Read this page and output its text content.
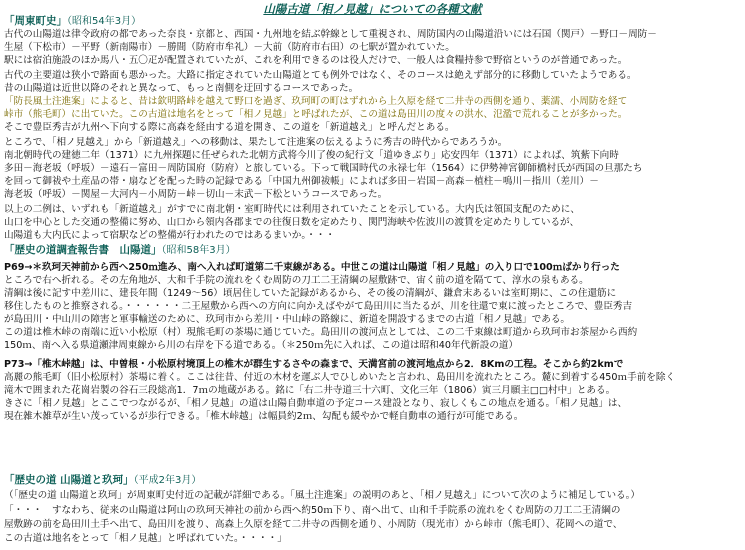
山陽古道「相ノ見越」についての各種文献
「周東町史」（昭和54年3月）
古代の山陽道は律令政府の都であった奈良・京都と、西国・九州地を結ぶ幹線として重視され、周防国内の山陽道沿いには石国（関戸）－野口－周防－
生屋（下松市）－平野（新南陽市）－勝間（防府市牟礼）－大前（防府市右田）の七駅が置かれていた。
駅には宿泊施設のほか馬八・五〇疋が配置されていたが、これを利用できるのは役人だけで、一般人は食糧持参で野宿というのが普通であった。
古代の主要道は狭小で路面も悪かった。大路に指定されていた山陽道とても例外ではなく、そのコースは絶えず部分的に移動していたようである。
昔の山陽道は近世以降のそれと異なって、もっと南側を迂回するコースであった。
「防長風土注進案」によると、昔は欽明路峠を越えて野口を過ぎ、玖珂町の町はずれから上久原を経て二井寺の西側を通り、薬濡、小周防を経て
峠市（熊毛町）に出ていた。この古道は地名をとって「相ノ見越」と呼ばれたが、この道は島田川の度々の洪水、氾濫で荒れることが多かった。
そこで豊臣秀吉が九州へ下向する際に高森を経由する道を開き、この道を「新道越え」と呼んだとある。
ところで、「相ノ見越え」から「新道越え」への移動は、果たして注進案の伝えるように秀吉の時代からであろうか。
南北朝時代の建徳二年（1371）に九州探題に任ぜられた北朝方武将今川了俊の紀行文「道ゆきぶり」応安四年（1371）によれば、筑紫下向時
多田－海老坂（呼坂）－遠石－富田－周防国府（防府）と旅している。下って戦国時代の永禄七年（1564）に伊勢神宮御師橋村氏が西国の旦那たち
を回って御祓や土産品の帯・扇などを配った時の記録である「中国九州御祓帳」によれば多田－岩国－高森－植柱－鳴川－指川（差川）－
海老坂（呼坂）－関屋－大河内－小周防－峠－切山－末武－下松というコースであった。
以上の二例は、いずれも「新道越え」がすでに南北朝・室町時代には利用されていたことを示している。大内氏は領国支配のために、
山口を中心とした交通の整備に努め、山口から領内各郡までの往復日数を定めたり、関門海峡や佐波川の渡賃を定めたりしているが、
山陽道も大内氏によって宿駅などの整備が行われたのではあるまいか。・・・
「歴史の道調査報告書　山陽道」（昭和58年3月）
P69→＊玖珂天神前から西へ250ｍ進み、南へ入れば町道第二千束線がある。中世この道は山陽道「相ノ見越」の入り口で100ｍばかり行った
ところで右へ折れる。その左角地が、大和千手院の流れをくむ周防の刀工二王清綱の屋敷跡で、宙く前の道を隔てて、淳水の泉もある。
清綱は後に記す中差川に、建長年間（1249～56）頃居住していた記録があるから、その後の清綱が、鎌倉末あるいは室町期に、この住還筋に
移住したものと推察される。・・・・・・二王屋敷から西への方向に向かえばやがて島田川に当たるが、川を往還で東に渡ったところで、豊臣秀吉
が島田川・中山川の障害と軍事輸送のために、玖珂市から差川・中山峠の路線に、新道を開設するまでの古道「相ノ見越」である。
この道は椎木峠の南端に近い小松原（村）現熊毛町の茶場に通じていた。島田川の渡河点としては、この二千束線は町道から玖珂市お茶屋から西約
150ｍ、南へ入る県道瀬津周東線から川の右岸を下る道である。（＊250ｍ先に入れば、この道は昭和40年代新設の道）
P73→「椎木峠越」は、中曽根・小松原村境頂上の椎木が群生するさやの森まで、天満宮前の渡河地点から2．8Kmの工程。そこから約2kmで
高麗の熊毛町（旧小松原村）茶場に着く。ここは往昔、付近の木材を運ぶ人でひしめいたと言われ、島田川を流れたところ。麓に到着する450ｍ手前を除く
滝木で囲まれた花崗岩製の谷石三段総高1．7ｍの地蔵がある。銘に「右二井寺道三十六町、文化三年（1806）寅三月願主□□村中」とある。
きさに「相ノ見越」とここでつながるが、「相ノ見越」の道は山陽自動車道の予定コース建設となり、寂しくもこの地点を通る。「相ノ見越」は、
現在雑木雑草が生い茂っているが歩行できる。「椎木峠越」は幅員約2ｍ、勾配も緩やかで軽自動車の通行が可能である。
「歴史の道 山陽道と玖珂」（平成2年3月）
（「歴史の道 山陽道と玖珂」が周東町史付近の記載が詳細である。「風土注進案」の説明のあと、「相ノ見越え」について次のように補足している。）
「・・・　すなわち、従来の山陽道は阿山の玖珂天神社の前から西へ約50ｍ下り、南へ出て、山和千手院系の流れをくむ周防の刀工二王清綱の
屋敷跡の前を島田川土手へ出て、島田川を渡り、高森上久原を経て二井寺の西側を通り、小周防（現光市）から峠市（熊毛町）、花岡への道で、
この古道は地名をとって「相ノ見越」と呼ばれていた。・・・・」
